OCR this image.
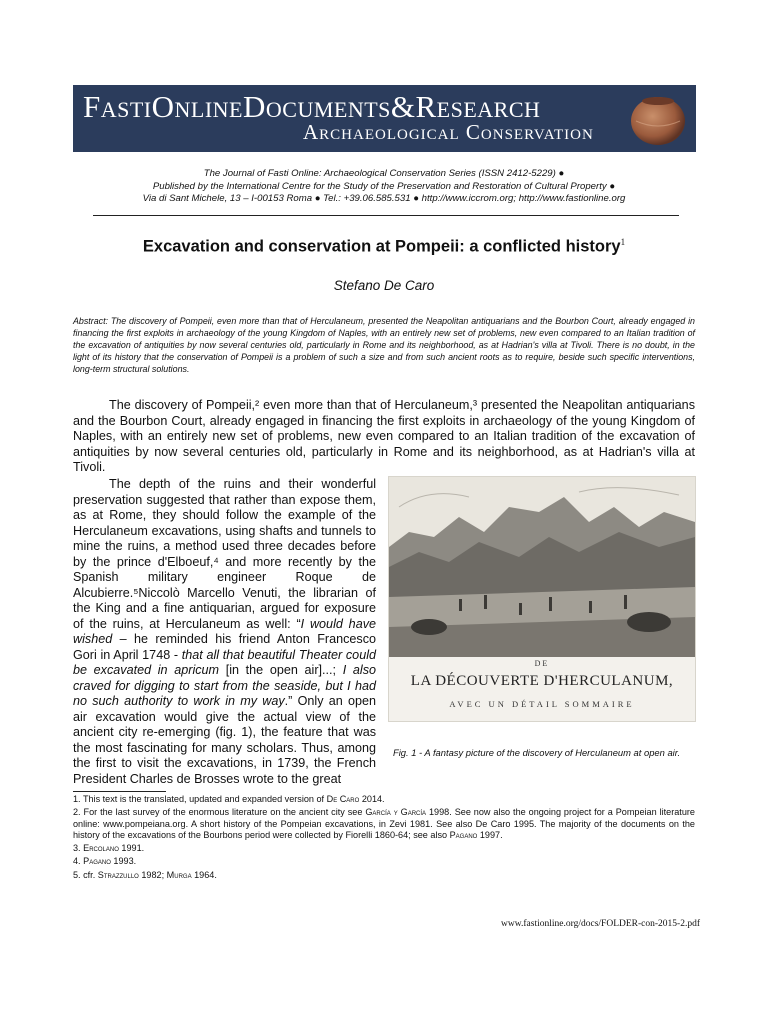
FastiOnlineDocuments&Research
Archaeological Conservation
The Journal of Fasti Online: Archaeological Conservation Series (ISSN 2412-5229) ●
Published by the International Centre for the Study of the Preservation and Restoration of Cultural Property ●
Via di Sant Michele, 13 – I-00153 Roma ● Tel.: +39.06.585.531 ● http://www.iccrom.org; http://www.fastionline.org
Excavation and conservation at Pompeii: a conflicted history$^1$
Stefano De Caro
Abstract: The discovery of Pompeii, even more than that of Herculaneum, presented the Neapolitan antiquarians and the Bourbon Court, already engaged in financing the first exploits in archaeology of the young Kingdom of Naples, with an entirely new set of problems, new even compared to an Italian tradition of the excavation of antiquities by now several centuries old, particularly in Rome and its neighborhood, as at Hadrian's villa at Tivoli. There is no doubt, in the light of its history that the conservation of Pompeii is a problem of such a size and from such ancient roots as to require, beside such specific interventions, long-term structural solutions.

The discovery of Pompeii,² even more than that of Herculaneum,³ presented the Neapolitan antiquarians and the Bourbon Court, already engaged in financing the first exploits in archaeology of the young Kingdom of Naples, with an entirely new set of problems, new even compared to an Italian tradition of the excavation of antiquities by now several centuries old, particularly in Rome and its neighborhood, as at Hadrian's villa at Tivoli.

The depth of the ruins and their wonderful preservation suggested that rather than expose them, as at Rome, they should follow the example of the Herculaneum excavations, using shafts and tunnels to mine the ruins, a method used three decades before by the prince d'Elboeuf,⁴ and more recently by the Spanish military engineer Roque de Alcubierre.⁵Niccolò Marcello Venuti, the librarian of the King and a fine antiquarian, argued for exposure of the ruins, at Herculaneum as well: “I would have wished – he reminded his friend Anton Francesco Gori in April 1748 - that all that beautiful Theater could be excavated in apricum [in the open air]...; I also craved for digging to start from the seaside, but I had no such authority to work in my way.” Only an open air excavation would give the actual view of the ancient city re-emerging (fig. 1), the feature that was the most fascinating for many scholars. Thus, among the first to visit the excavations, in 1739, the French President Charles de Brosses wrote to the great

DE
LA DÉCOUVERTE D'HERCULANUM,
AVEC UN DÉTAIL SOMMAIRE
Fig. 1 - A fantasy picture of the discovery of Herculaneum at open air.

1. This text is the translated, updated and expanded version of De Caro 2014.

2. For the last survey of the enormous literature on the ancient city see García y García 1998. See now also the ongoing project for a Pompeian literature online: www.pompeiana.org. A short history of the Pompeian excavations, in Zevi 1981. See also De Caro 1995. The majority of the documents on the history of the excavations of the Bourbons period were collected by Fiorelli 1860-64; see also Pagano 1997.

3. Ercolano 1991.

4. Pagano 1993.

5. cfr. Strazzullo 1982; Murga 1964.

www.fastionline.org/docs/FOLDER-con-2015-2.pdf
